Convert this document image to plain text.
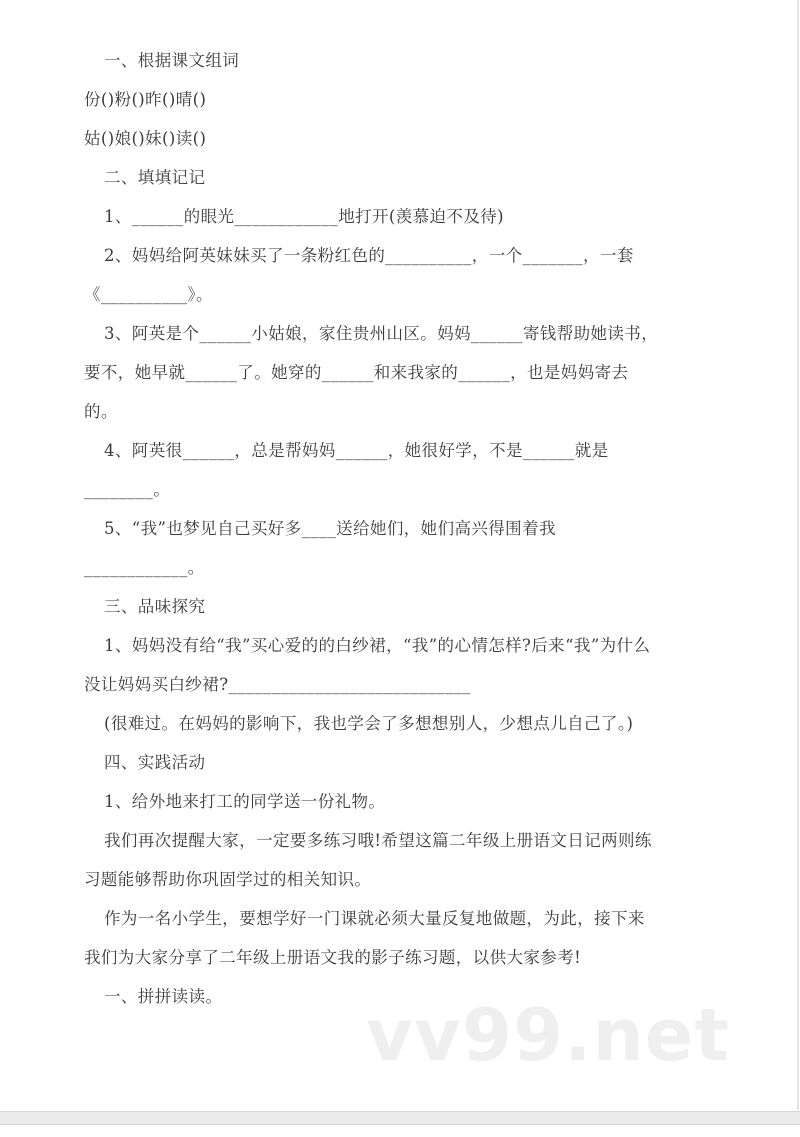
一、根据课文组词
份()粉()昨()晴()
姑()娘()妹()读()
二、填填记记
1、______的眼光____________地打开(羡慕迫不及待)
2、妈妈给阿英妹妹买了一条粉红色的__________，一个_______，一套
《__________》。
3、阿英是个______小姑娘，家住贵州山区。妈妈______寄钱帮助她读书，
要不，她早就______了。她穿的______和来我家的______，也是妈妈寄去
的。
4、阿英很______，总是帮妈妈______，她很好学，不是______就是
________。
5、“我”也梦见自己买好多____送给她们，她们高兴得围着我
____________。
三、品味探究
1、妈妈没有给“我”买心爱的的白纱裙，“我”的心情怎样?后来“我”为什么
没让妈妈买白纱裙?____________________________
(很难过。在妈妈的影响下，我也学会了多想想别人，少想点儿自己了。)
四、实践活动
1、给外地来打工的同学送一份礼物。
我们再次提醒大家，一定要多练习哦!希望这篇二年级上册语文日记两则练
习题能够帮助你巩固学过的相关知识。
作为一名小学生，要想学好一门课就必须大量反复地做题，为此，接下来
我们为大家分享了二年级上册语文我的影子练习题，以供大家参考!
一、拼拼读读。 vv99.net
